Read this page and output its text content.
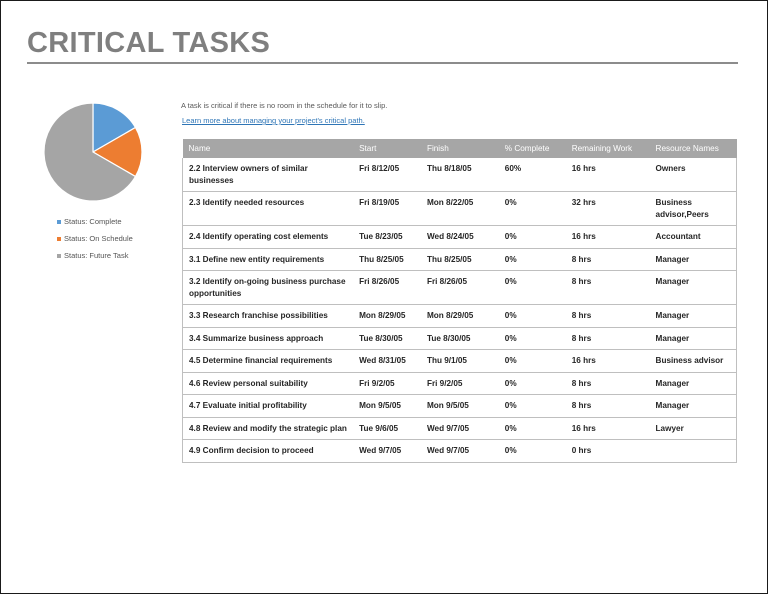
CRITICAL TASKS
Status: Complete
Status: On Schedule
Status: Future Task
A task is critical if there is no room in the schedule for it to slip.
Learn more about managing your project's critical path.
Name	Start	Finish	% Complete	Remaining Work	Resource Names
2.2 Interview owners of similar businesses	Fri 8/12/05	Thu 8/18/05	60%	16 hrs	Owners
2.3 Identify needed resources	Fri 8/19/05	Mon 8/22/05	0%	32 hrs	Business advisor,Peers
2.4 Identify operating cost elements	Tue 8/23/05	Wed 8/24/05	0%	16 hrs	Accountant
3.1 Define new entity requirements	Thu 8/25/05	Thu 8/25/05	0%	8 hrs	Manager
3.2 Identify on-going business purchase opportunities	Fri 8/26/05	Fri 8/26/05	0%	8 hrs	Manager
3.3 Research franchise possibilities	Mon 8/29/05	Mon 8/29/05	0%	8 hrs	Manager
3.4 Summarize business approach	Tue 8/30/05	Tue 8/30/05	0%	8 hrs	Manager
4.5 Determine financial requirements	Wed 8/31/05	Thu 9/1/05	0%	16 hrs	Business advisor
4.6 Review personal suitability	Fri 9/2/05	Fri 9/2/05	0%	8 hrs	Manager
4.7 Evaluate initial profitability	Mon 9/5/05	Mon 9/5/05	0%	8 hrs	Manager
4.8 Review and modify the strategic plan	Tue 9/6/05	Wed 9/7/05	0%	16 hrs	Lawyer
4.9 Confirm decision to proceed	Wed 9/7/05	Wed 9/7/05	0%	0 hrs	
